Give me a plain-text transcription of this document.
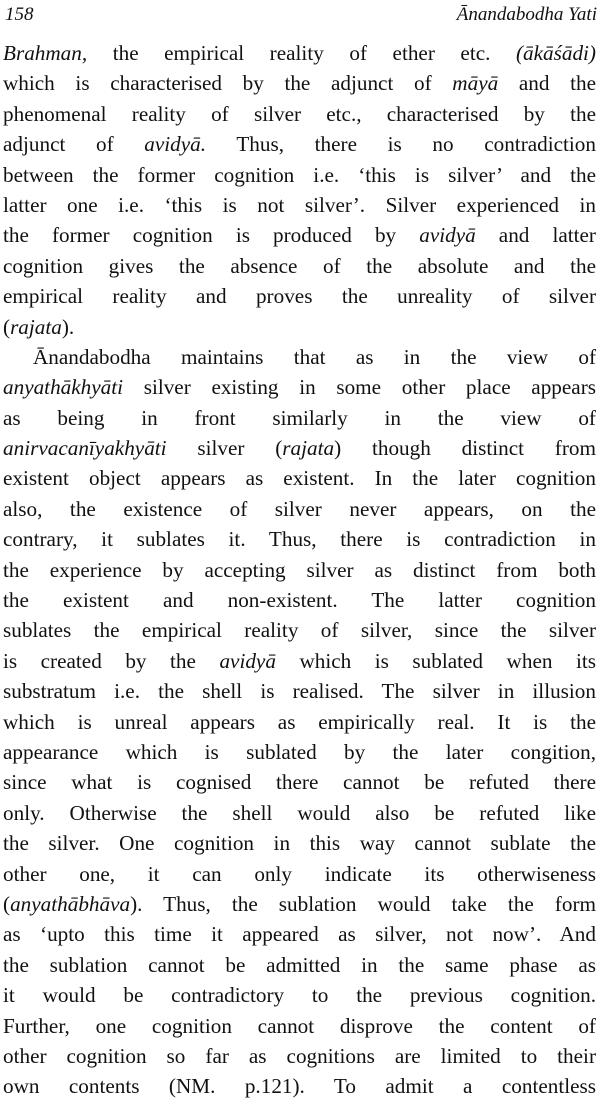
158	Ānandabodha Yati
Brahman, the empirical reality of ether etc. (ākāśādi)
which is characterised by the adjunct of māyā and the
phenomenal reality of silver etc., characterised by the
adjunct of avidyā. Thus, there is no contradiction
between the former cognition i.e. ‘this is silver’ and the
latter one i.e. ‘this is not silver’. Silver experienced in
the former cognition is produced by avidyā and latter
cognition gives the absence of the absolute and the
empirical reality and proves the unreality of silver
(rajata).
Ānandabodha maintains that as in the view of
anyathākhyāti silver existing in some other place appears
as being in front similarly in the view of
anirvacanīyakhyāti silver (rajata) though distinct from
existent object appears as existent. In the later cognition
also, the existence of silver never appears, on the
contrary, it sublates it. Thus, there is contradiction in
the experience by accepting silver as distinct from both
the existent and non-existent. The latter cognition
sublates the empirical reality of silver, since the silver
is created by the avidyā which is sublated when its
substratum i.e. the shell is realised. The silver in illusion
which is unreal appears as empirically real. It is the
appearance which is sublated by the later congition,
since what is cognised there cannot be refuted there
only. Otherwise the shell would also be refuted like
the silver. One cognition in this way cannot sublate the
other one, it can only indicate its otherwiseness
(anyathābhāva). Thus, the sublation would take the form
as ‘upto this time it appeared as silver, not now’. And
the sublation cannot be admitted in the same phase as
it would be contradictory to the previous cognition.
Further, one cognition cannot disprove the content of
other cognition so far as cognitions are limited to their
own contents (NM. p.121). To admit a contentless
